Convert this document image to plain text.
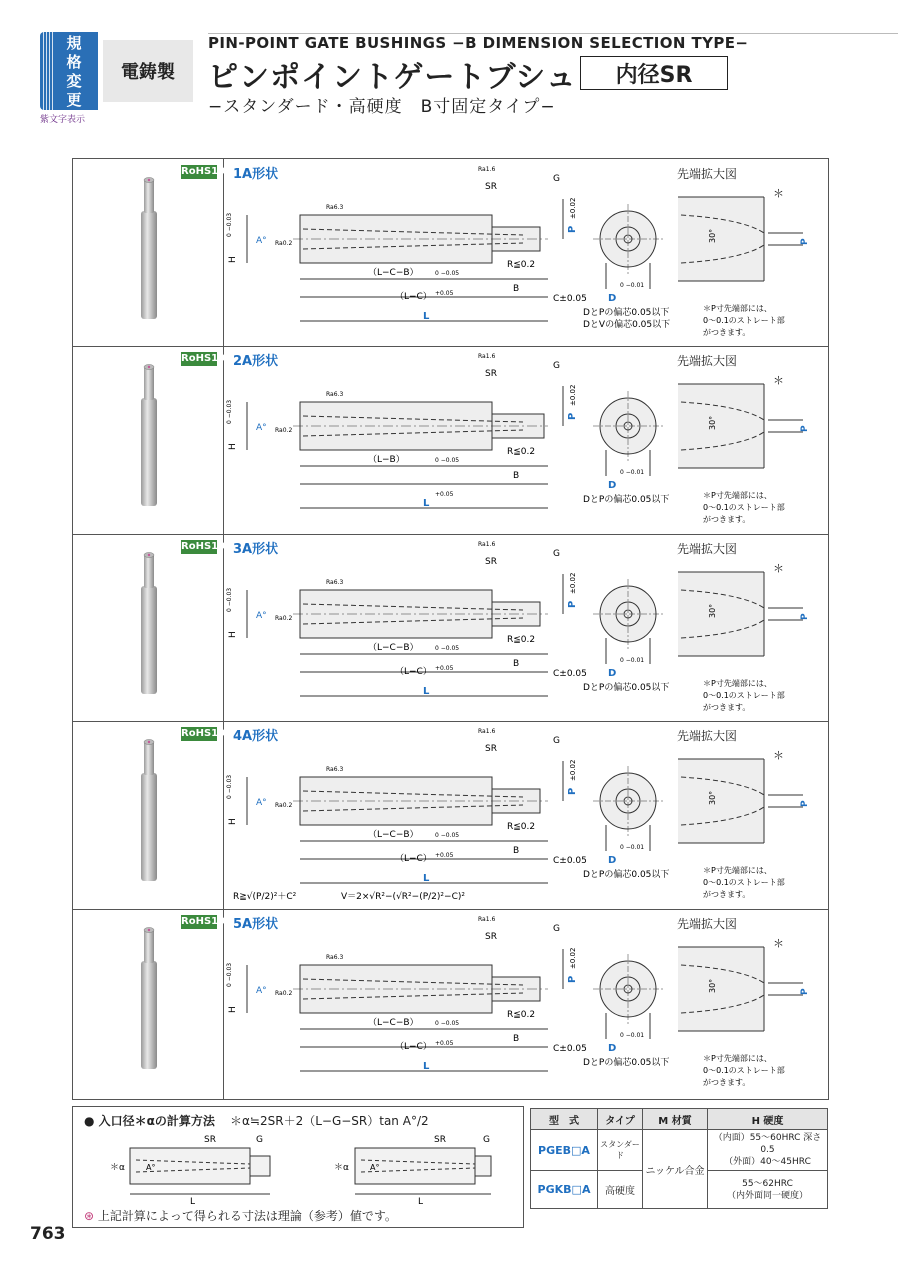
規
格
変
更
紫文字表示
電鋳製
PIN-POINT GATE BUSHINGS −B DIMENSION SELECTION TYPE−
ピンポイントゲートブシュ	内径SR
−スタンダード・高硬度　B寸固定タイプ−
RoHS10 1A形状	先端拡大図
G
SR
Ra1.6
Ra6.3
Ra0.2
A°
H
0 −0.03	P
±0.02
R≦0.2
B
D
0 −0.01
（L−C−B）	0 −0.05
（L−C） +0.05
L
C±0.05
＊
30°	P
DとPの偏芯0.05以下
DとVの偏芯0.05以下
＊P寸先端部には、
0〜0.1のストレート部
がつきます。
RoHS10 2A形状	先端拡大図
G
SR
Ra1.6
Ra6.3
Ra0.2
A°
H
0 −0.03	P
±0.02
R≦0.2
B
D
0 −0.01
（L−B）	0 −0.05
L
+0.05
＊
30°	P
DとPの偏芯0.05以下	＊P寸先端部には、
0〜0.1のストレート部
がつきます。
RoHS10 3A形状	先端拡大図
G
SR
Ra1.6
Ra6.3
Ra0.2
A°
H
0 −0.03	P
±0.02
R≦0.2
B
D
0 −0.01
（L−C−B）	0 −0.05
（L−C） +0.05
L
C±0.05
＊
30°	P
DとPの偏芯0.05以下	＊P寸先端部には、
0〜0.1のストレート部
がつきます。
RoHS10 4A形状	先端拡大図
G
SR
Ra1.6
Ra6.3
Ra0.2
A°
H
0 −0.03	P
±0.02
R≦0.2
B
D
0 −0.01
（L−C−B）	0 −0.05
（L−C） +0.05
L
C±0.05
＊
30°	P
DとPの偏芯0.05以下	＊P寸先端部には、
0〜0.1のストレート部
がつきます。
R≧√(P/2)²＋C²	V＝2×√R²−(√R²−(P/2)²−C)²
RoHS10 5A形状	先端拡大図
G
SR
Ra1.6
Ra6.3
Ra0.2
A°
H
0 −0.03	P
±0.02
R≦0.2
B
D
0 −0.01
（L−C−B）	0 −0.05
（L−C） +0.05
L
C±0.05
＊
30°	P
DとPの偏芯0.05以下	＊P寸先端部には、
0〜0.1のストレート部
がつきます。
● 入口径＊αの計算方法 ＊α≒2SR＋2（L−G−SR）tan A°/2
SR	G
L
＊α	A°
SR	G
L
＊α	A°
⊛ 上記計算によって得られる寸法は理論（参考）値です。
型　式	タイプ	M 材質	H 硬度
PGEB□A	スタンダード	ニッケル合金	（内面）55〜60HRC 深さ0.5
（外面）40〜45HRC

PGKB□A	高硬度		55〜62HRC
（内外面同一硬度）
763
